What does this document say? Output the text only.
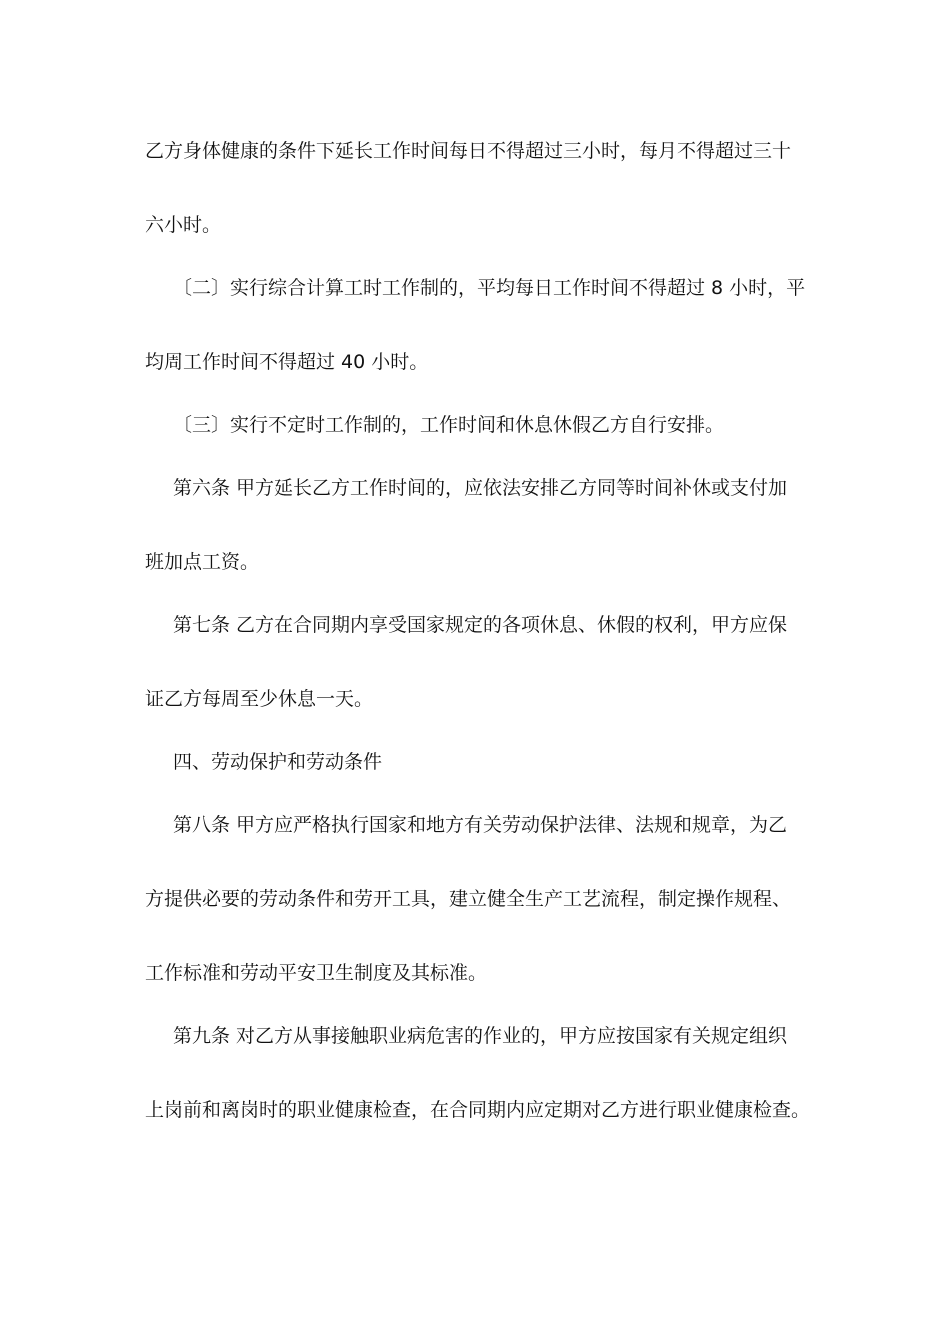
乙方身体健康的条件下延长工作时间每日不得超过三小时，每月不得超过三十
六小时。
〔二〕实行综合计算工时工作制的，平均每日工作时间不得超过 8 小时，平
均周工作时间不得超过 40 小时。
〔三〕实行不定时工作制的，工作时间和休息休假乙方自行安排。
第六条 甲方延长乙方工作时间的，应依法安排乙方同等时间补休或支付加
班加点工资。
第七条 乙方在合同期内享受国家规定的各项休息、休假的权利，甲方应保
证乙方每周至少休息一天。
四、劳动保护和劳动条件
第八条 甲方应严格执行国家和地方有关劳动保护法律、法规和规章，为乙
方提供必要的劳动条件和劳开工具，建立健全生产工艺流程，制定操作规程、
工作标准和劳动平安卫生制度及其标准。
第九条 对乙方从事接触职业病危害的作业的，甲方应按国家有关规定组织
上岗前和离岗时的职业健康检查，在合同期内应定期对乙方进行职业健康检查。
